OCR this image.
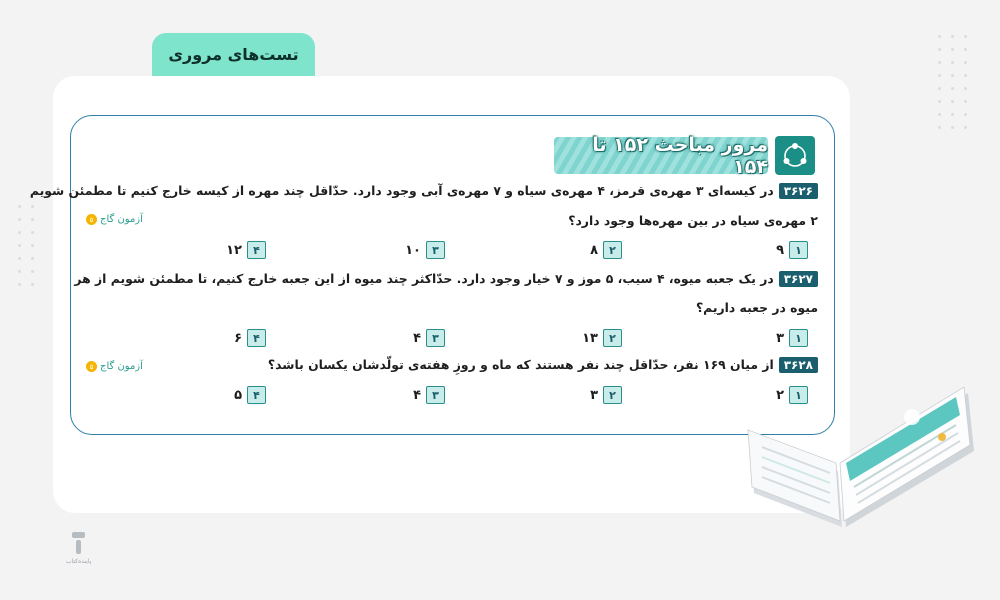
تست‌های مروری
مرور مباحث ۱۵۲ تا ۱۵۴
۳۶۲۶در کیسه‌ای ۳ مهره‌ی قرمز، ۴ مهره‌ی سیاه و ۷ مهره‌ی آبی وجود دارد. حدّاقل چند مهره از کیسه خارج کنیم تا مطمئن شویم
۲ مهره‌ی سیاه در بین مهره‌ها وجود دارد؟
آزمون گاج
۵
۱
۹
۲
۸
۳
۱۰
۴
۱۲
۳۶۲۷در یک جعبه میوه، ۴ سیب، ۵ موز و ۷ خیار وجود دارد. حدّاکثر چند میوه از این جعبه خارج کنیم، تا مطمئن شویم از هر
میوه در جعبه داریم؟
۱
۳
۲
۱۳
۳
۴
۴
۶
۳۶۲۸از میان ۱۶۹ نفر، حدّاقل چند نفر هستند که ماه و روزِ هفته‌ی تولّدشان یکسان باشد؟
آزمون گاج
۵
۱
۲
۲
۳
۳
۴
۴
۵
پاینده‌کتاب
